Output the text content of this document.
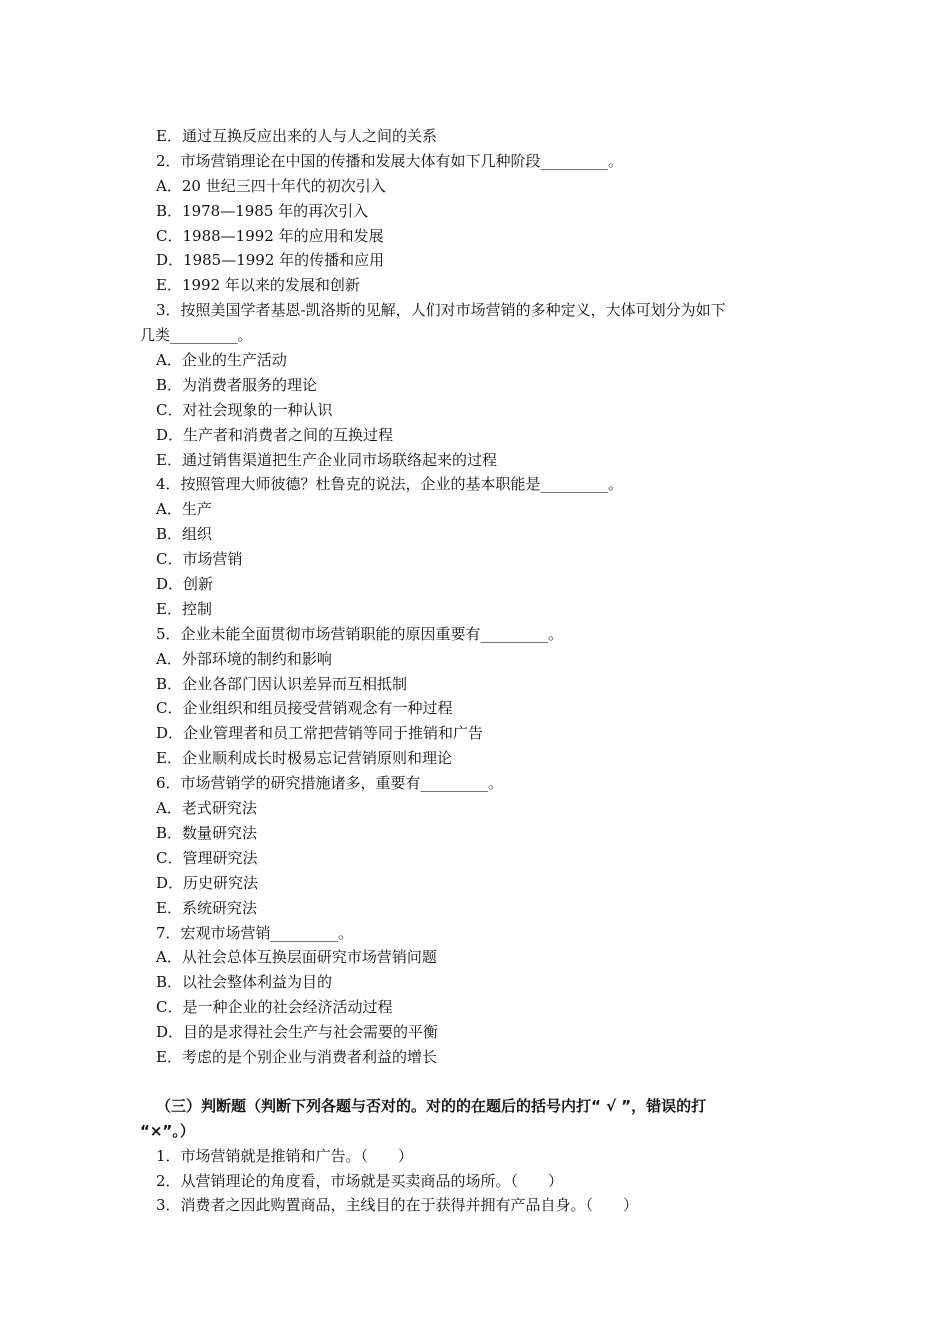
E．通过互换反应出来的人与人之间的关系
2．市场营销理论在中国的传播和发展大体有如下几种阶段_________。
A．20 世纪三四十年代的初次引入
B．1978—1985 年的再次引入
C．1988—1992 年的应用和发展
D．1985—1992 年的传播和应用
E．1992 年以来的发展和创新
3．按照美国学者基恩-凯洛斯的见解，人们对市场营销的多种定义，大体可划分为如下
几类_________。
A．企业的生产活动
B．为消费者服务的理论
C．对社会现象的一种认识
D．生产者和消费者之间的互换过程
E．通过销售渠道把生产企业同市场联络起来的过程
4．按照管理大师彼德？杜鲁克的说法，企业的基本职能是_________。
A．生产
B．组织
C．市场营销
D．创新
E．控制
5．企业未能全面贯彻市场营销职能的原因重要有_________。
A．外部环境的制约和影响
B．企业各部门因认识差异而互相抵制
C．企业组织和组员接受营销观念有一种过程
D．企业管理者和员工常把营销等同于推销和广告
E．企业顺利成长时极易忘记营销原则和理论
6．市场营销学的研究措施诸多，重要有_________。
A．老式研究法
B．数量研究法
C．管理研究法
D．历史研究法
E．系统研究法
7．宏观市场营销_________。
A．从社会总体互换层面研究市场营销问题
B．以社会整体利益为目的
C．是一种企业的社会经济活动过程
D．目的是求得社会生产与社会需要的平衡
E．考虑的是个别企业与消费者利益的增长
（三）判断题（判断下列各题与否对的。对的的在题后的括号内打“ √ ”，错误的打
“×”。）
1．市场营销就是推销和广告。（　　）
2．从营销理论的角度看，市场就是买卖商品的场所。（　　）
3．消费者之因此购置商品，主线目的在于获得并拥有产品自身。（　　）
